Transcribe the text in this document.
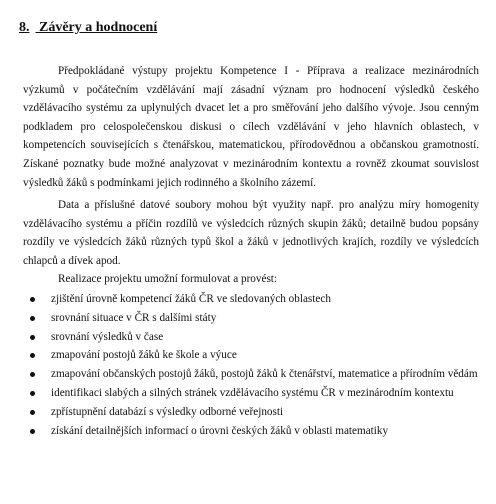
8. Závěry a hodnocení
Předpokládané výstupy projektu Kompetence I - Příprava a realizace mezinárodních
výzkumů v počátečním vzdělávání mají zásadní význam pro hodnocení výsledků českého
vzdělávacího systému za uplynulých dvacet let a pro směřování jeho dalšího vývoje. Jsou cenným
podkladem pro celospolečenskou diskusi o cílech vzdělávání v jeho hlavních oblastech, v
kompetencích souvisejících s čtenářskou, matematickou, přírodovědnou a občanskou gramotností.
Získané poznatky bude možné analyzovat v mezinárodním kontextu a rovněž zkoumat souvislost
výsledků žáků s podmínkami jejich rodinného a školního zázemí.
Data a příslušné datové soubory mohou být využity např. pro analýzu míry homogenity
vzdělávacího systému a příčin rozdílů ve výsledcích různých skupin žáků; detailně budou popsány
rozdíly ve výsledcích žáků různých typů škol a žáků v jednotlivých krajích, rozdíly ve výsledcích
chlapců a dívek apod.
Realizace projektu umožní formulovat a provést:
zjištění úrovně kompetencí žáků ČR ve sledovaných oblastech
srovnání situace v ČR s dalšími státy
srovnání výsledků v čase
zmapování postojů žáků ke škole a výuce
zmapování občanských postojů žáků, postojů žáků k čtenářství, matematice a přírodním vědám
identifikaci slabých a silných stránek vzdělávacího systému ČR v mezinárodním kontextu
zpřístupnění databází s výsledky odborné veřejnosti
získání detailnějších informací o úrovni českých žáků v oblasti matematiky
